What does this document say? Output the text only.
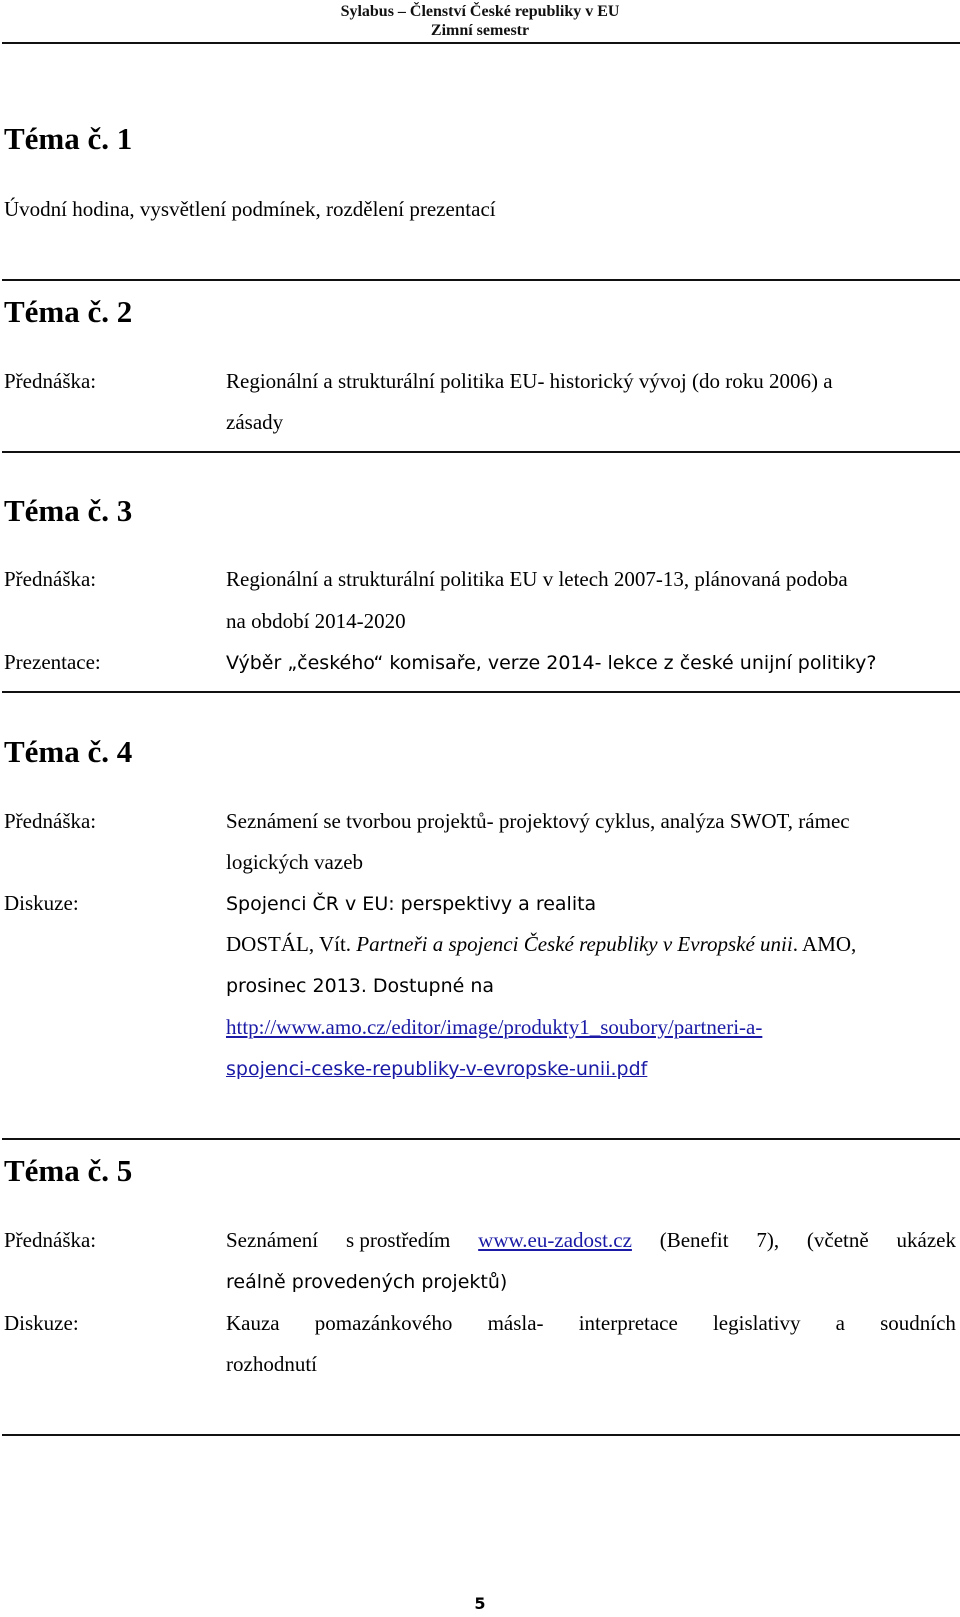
Sylabus – Členství České republiky v EU
Zimní semestr
Téma č. 1
Úvodní hodina, vysvětlení podmínek, rozdělení prezentací
Téma č. 2
Přednáška:	Regionální a strukturální politika EU- historický vývoj (do roku 2006) a
zásady
Téma č. 3
Přednáška:	Regionální a strukturální politika EU v letech 2007-13, plánovaná podoba
na období 2014-2020
Prezentace:	Výběr „českého“ komisaře, verze 2014- lekce z české unijní politiky?
Téma č. 4
Přednáška:	Seznámení se tvorbou projektů- projektový cyklus, analýza SWOT, rámec
logických vazeb
Diskuze:	Spojenci ČR v EU: perspektivy a realita
DOSTÁL, Vít. Partneři a spojenci České republiky v Evropské unii. AMO,
prosinec 2013. Dostupné na
http://www.amo.cz/editor/image/produkty1_soubory/partneri-a-
spojenci-ceske-republiky-v-evropske-unii.pdf
Téma č. 5
Přednáška:	Seznámení s prostředím www.eu-zadost.cz (Benefit 7), (včetně ukázek
reálně provedených projektů)
Diskuze:	Kauza pomazánkového másla- interpretace legislativy a soudních
rozhodnutí
5
